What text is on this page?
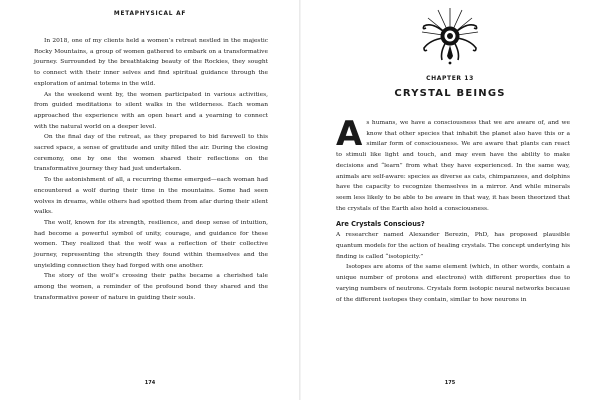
METAPHYSICAL AF

In 2018, one of my clients held a women’s retreat nestled in the majestic Rocky Mountains, a group of women gathered to embark on a transformative journey. Surrounded by the breathtaking beauty of the Rockies, they sought to connect with their inner selves and find spiritual guidance through the exploration of animal totems in the wild.

As the weekend went by, the women participated in various activities, from guided meditations to silent walks in the wilderness. Each woman approached the experience with an open heart and a yearning to connect with the natural world on a deeper level.

On the final day of the retreat, as they prepared to bid farewell to this sacred space, a sense of gratitude and unity filled the air. During the closing ceremony, one by one the women shared their reflections on the transformative journey they had just undertaken.

To the astonishment of all, a recurring theme emerged—each woman had encountered a wolf during their time in the mountains. Some had seen wolves in dreams, while others had spotted them from afar during their silent walks.

The wolf, known for its strength, resilience, and deep sense of intuition, had become a powerful symbol of unity, courage, and guidance for these women. They realized that the wolf was a reflection of their collective journey, representing the strength they found within themselves and the unyielding connection they had forged with one another.

The story of the wolf’s crossing their paths became a cherished tale among the women, a reminder of the profound bond they shared and the transformative power of nature in guiding their souls.

174
CHAPTER 13
CRYSTAL BEINGS

As humans, we have a consciousness that we are aware of, and we know that other species that inhabit the planet also have this or a similar form of consciousness. We are aware that plants can react to stimuli like light and touch, and may even have the ability to make decisions and “learn” from what they have experienced. In the same way, animals are self-aware: species as diverse as cats, chimpanzees, and dolphins have the capacity to recognize themselves in a mirror. And while minerals seem less likely to be able to be aware in that way, it has been theorized that the crystals of the Earth also hold a consciousness.

Are Crystals Conscious?

A researcher named Alexander Berezin, PhD, has proposed plausible quantum models for the action of healing crystals. The concept underlying his finding is called “isotopicity.”

Isotopes are atoms of the same element (which, in other words, contain a unique number of protons and electrons) with different properties due to varying numbers of neutrons. Crystals form isotopic neural networks because of the different isotopes they contain, similar to how neurons in

175
